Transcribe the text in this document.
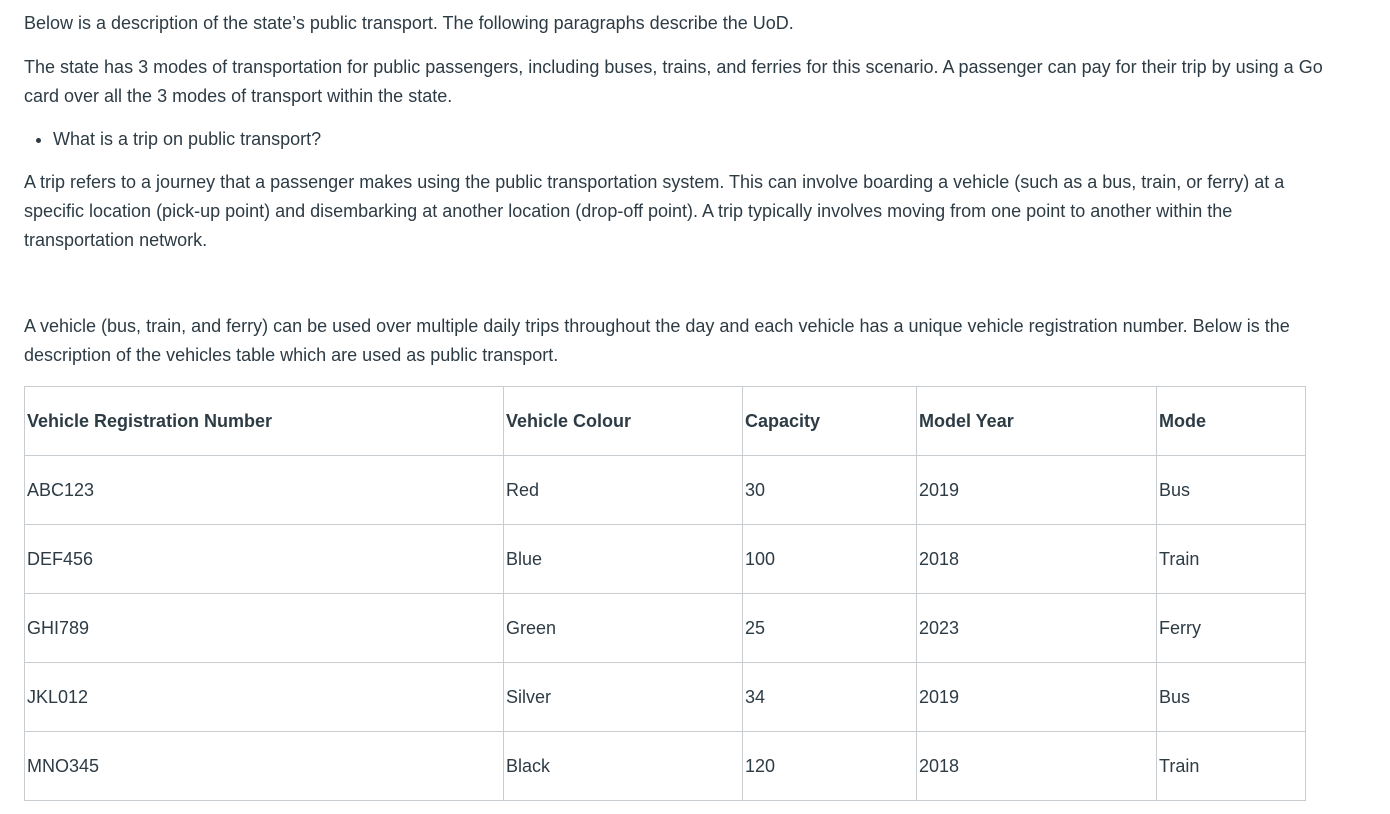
Below is a description of the state’s public transport. The following paragraphs describe the UoD.

The state has 3 modes of transportation for public passengers, including buses, trains, and ferries for this scenario. A passenger can pay for their trip by using a Go card over all the 3 modes of transport within the state.

• What is a trip on public transport?

A trip refers to a journey that a passenger makes using the public transportation system. This can involve boarding a vehicle (such as a bus, train, or ferry) at a specific location (pick-up point) and disembarking at another location (drop-off point). A trip typically involves moving from one point to another within the transportation network.

A vehicle (bus, train, and ferry) can be used over multiple daily trips throughout the day and each vehicle has a unique vehicle registration number. Below is the description of the vehicles table which are used as public transport.

Vehicle Registration Number	Vehicle Colour	Capacity	Model Year	Mode
ABC123	Red	30	2019	Bus
DEF456	Blue	100	2018	Train
GHI789	Green	25	2023	Ferry
JKL012	Silver	34	2019	Bus
MNO345	Black	120	2018	Train
